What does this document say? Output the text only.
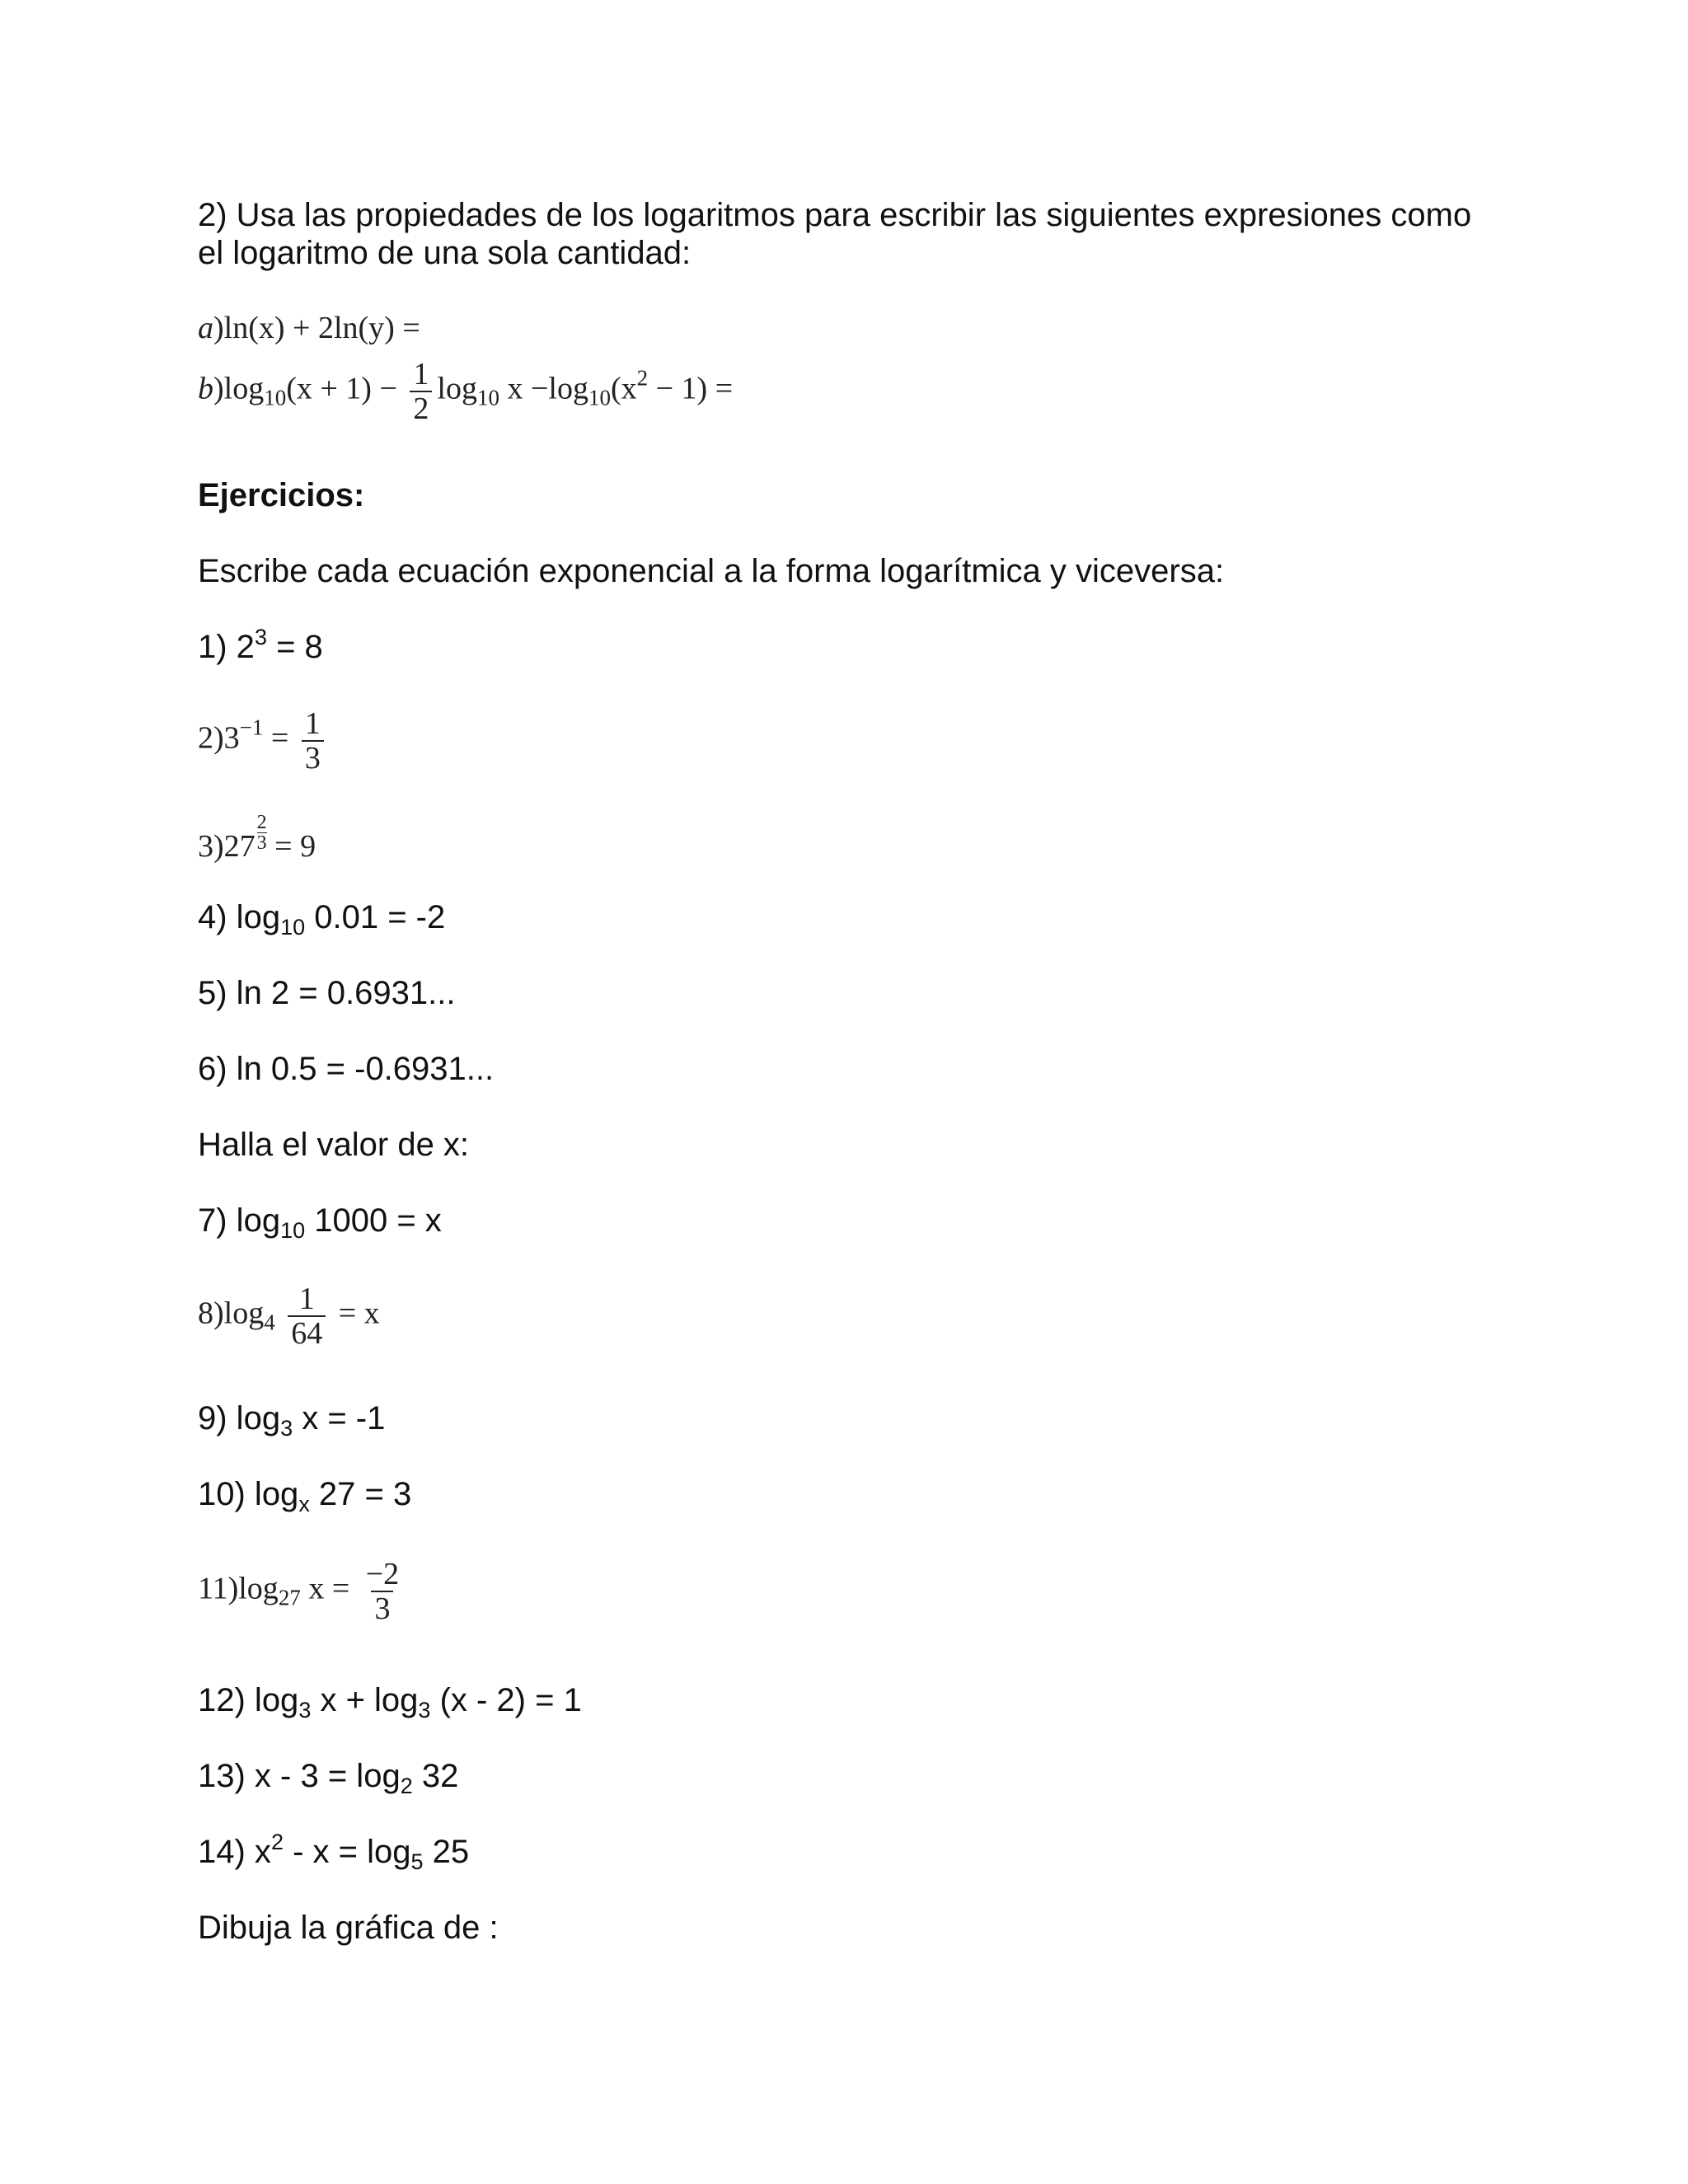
2) Usa las propiedades de los logaritmos para escribir las siguientes expresiones como
el logaritmo de una sola cantidad:
a)ln(x) + 2ln(y) =
$b)\log_{10}(x + 1) - \frac{1}{2} \log_{10} x -\log_{10}(x^2 - 1)$ =
Ejercicios:
Escribe cada ecuación exponencial a la forma logarítmica y viceversa:
1) $2^3 = 8$
$2)3^{-1} = \frac{1}{3}$
$3)27 \frac{2}{3} = 9$
4) $\log_{10} 0.01 = -2$
5) ln 2 = 0.6931...
6) ln 0.5 = -0.6931...
Halla el valor de x:
7) $\log_{10} 1000 = x$
$8)\log_4 \frac{1}{64} = x$
9) $\log_3 x = -1$
10) $\log_x 27 = 3$
$11)\log_{27}$ $x = \frac{-2}{3}$
12) $\log_3 x + \log_3 (x - 2) = 1$
13) $x - 3 = \log_2 32$
14) $x^2 - x = \log_5 25$
Dibuja la gráfica de :
